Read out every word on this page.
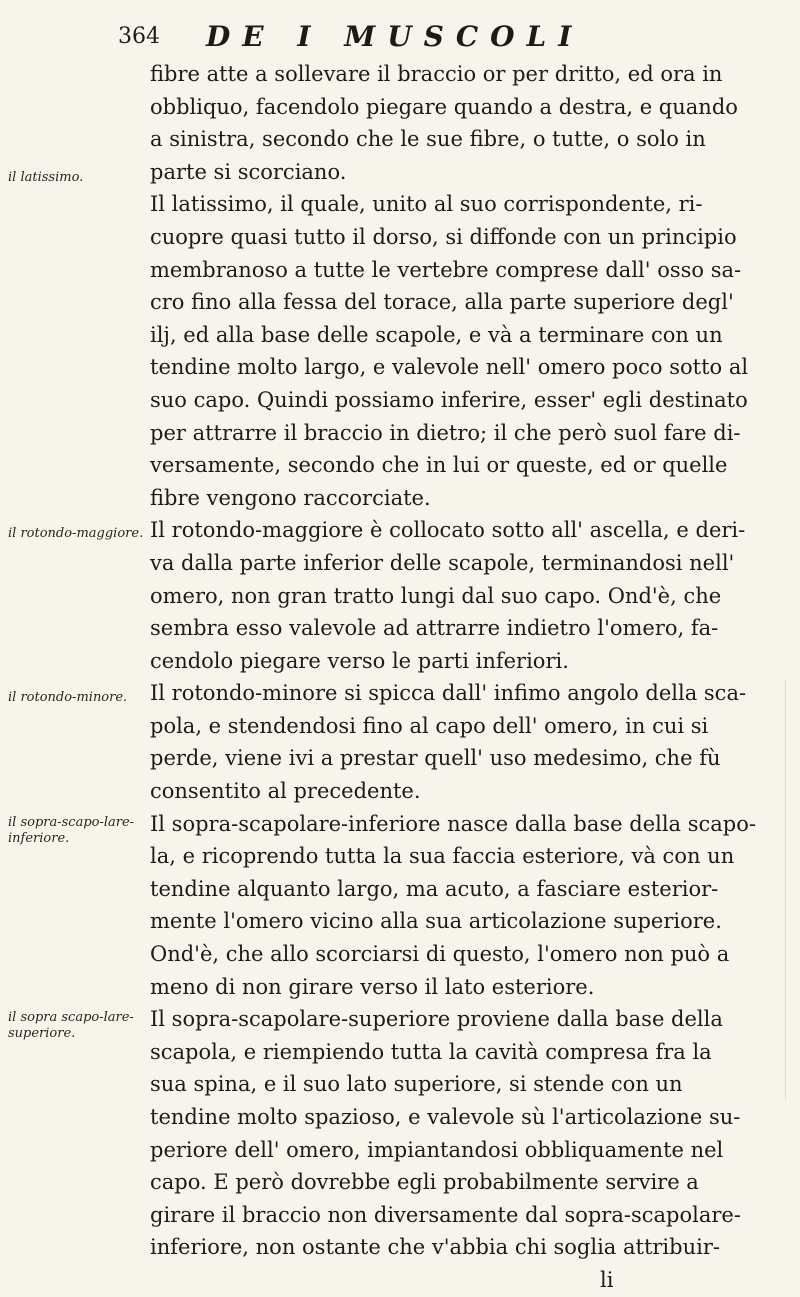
364 DE I MUSCOLI
il latissimo.
il rotondo-maggiore.
il rotondo-minore.
il sopra-scapo-lare-inferiore.
il sopra scapo-lare-superiore.
fibre atte a sollevare il braccio or per dritto, ed ora in
obbliquo, facendolo piegare quando a destra, e quando
a sinistra, secondo che le sue fibre, o tutte, o solo in
parte si scorciano.
Il latissimo, il quale, unito al suo corrispondente, ri-
cuopre quasi tutto il dorso, si diffonde con un principio
membranoso a tutte le vertebre comprese dall' osso sa-
cro fino alla fessa del torace, alla parte superiore degl'
ilj, ed alla base delle scapole, e và a terminare con un
tendine molto largo, e valevole nell' omero poco sotto al
suo capo. Quindi possiamo inferire, esser' egli destinato
per attrarre il braccio in dietro; il che però suol fare di-
versamente, secondo che in lui or queste, ed or quelle
fibre vengono raccorciate.
Il rotondo-maggiore è collocato sotto all' ascella, e deri-
va dalla parte inferior delle scapole, terminandosi nell'
omero, non gran tratto lungi dal suo capo. Ond'è, che
sembra esso valevole ad attrarre indietro l'omero, fa-
cendolo piegare verso le parti inferiori.
Il rotondo-minore si spicca dall' infimo angolo della sca-
pola, e stendendosi fino al capo dell' omero, in cui si
perde, viene ivi a prestar quell' uso medesimo, che fù
consentito al precedente.
Il sopra-scapolare-inferiore nasce dalla base della scapo-
la, e ricoprendo tutta la sua faccia esteriore, và con un
tendine alquanto largo, ma acuto, a fasciare esterior-
mente l'omero vicino alla sua articolazione superiore.
Ond'è, che allo scorciarsi di questo, l'omero non può a
meno di non girare verso il lato esteriore.
Il sopra-scapolare-superiore proviene dalla base della
scapola, e riempiendo tutta la cavità compresa fra la
sua spina, e il suo lato superiore, si stende con un
tendine molto spazioso, e valevole sù l'articolazione su-
periore dell' omero, impiantandosi obbliquamente nel
capo. E però dovrebbe egli probabilmente servire a
girare il braccio non diversamente dal sopra-scapolare-
inferiore, non ostante che v'abbia chi soglia attribuir-
li
